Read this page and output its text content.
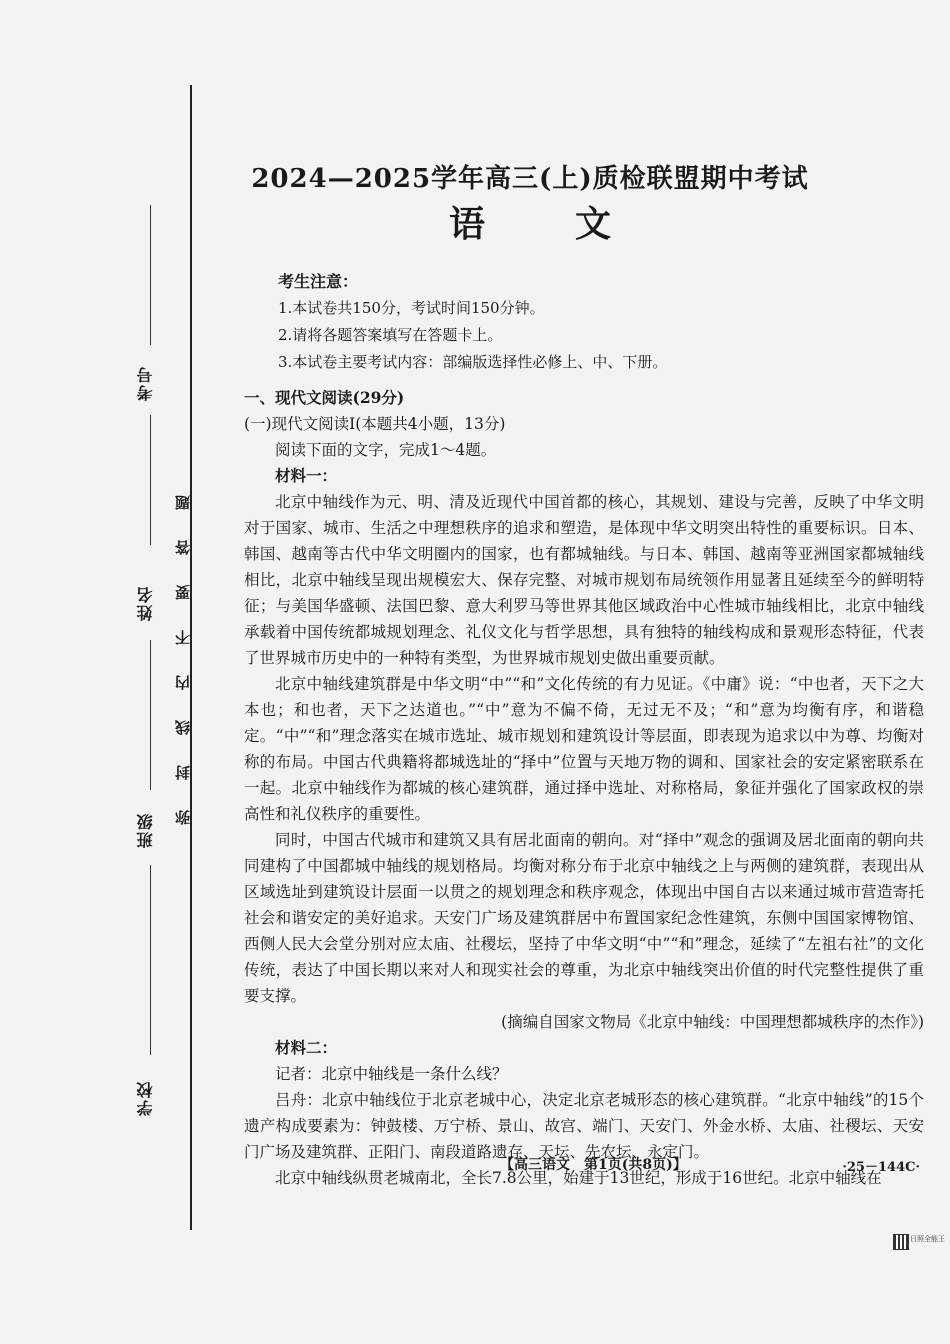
考号
姓名
班级
学校
弥封线内不要答题
2024—2025学年高三(上)质检联盟期中考试
语文
考生注意：
1.本试卷共150分，考试时间150分钟。
2.请将各题答案填写在答题卡上。
3.本试卷主要考试内容：部编版选择性必修上、中、下册。

一、现代文阅读(29分)

(一)现代文阅读Ⅰ(本题共4小题，13分)

阅读下面的文字，完成1～4题。

材料一：

北京中轴线作为元、明、清及近现代中国首都的核心，其规划、建设与完善，反映了中华文明对于国家、城市、生活之中理想秩序的追求和塑造，是体现中华文明突出特性的重要标识。日本、韩国、越南等古代中华文明圈内的国家，也有都城轴线。与日本、韩国、越南等亚洲国家都城轴线相比，北京中轴线呈现出规模宏大、保存完整、对城市规划布局统领作用显著且延续至今的鲜明特征；与美国华盛顿、法国巴黎、意大利罗马等世界其他区域政治中心性城市轴线相比，北京中轴线承载着中国传统都城规划理念、礼仪文化与哲学思想，具有独特的轴线构成和景观形态特征，代表了世界城市历史中的一种特有类型，为世界城市规划史做出重要贡献。

北京中轴线建筑群是中华文明“中”“和”文化传统的有力见证。《中庸》说：“中也者，天下之大本也；和也者，天下之达道也。”“中”意为不偏不倚，无过无不及；“和”意为均衡有序，和谐稳定。“中”“和”理念落实在城市选址、城市规划和建筑设计等层面，即表现为追求以中为尊、均衡对称的布局。中国古代典籍将都城选址的“择中”位置与天地万物的调和、国家社会的安定紧密联系在一起。北京中轴线作为都城的核心建筑群，通过择中选址、对称格局，象征并强化了国家政权的崇高性和礼仪秩序的重要性。

同时，中国古代城市和建筑又具有居北面南的朝向。对“择中”观念的强调及居北面南的朝向共同建构了中国都城中轴线的规划格局。均衡对称分布于北京中轴线之上与两侧的建筑群，表现出从区域选址到建筑设计层面一以贯之的规划理念和秩序观念，体现出中国自古以来通过城市营造寄托社会和谐安定的美好追求。天安门广场及建筑群居中布置国家纪念性建筑，东侧中国国家博物馆、西侧人民大会堂分别对应太庙、社稷坛，坚持了中华文明“中”“和”理念，延续了“左祖右社”的文化传统，表达了中国长期以来对人和现实社会的尊重，为北京中轴线突出价值的时代完整性提供了重要支撑。

(摘编自国家文物局《北京中轴线：中国理想都城秩序的杰作》)

材料二：

记者：北京中轴线是一条什么线？

吕舟：北京中轴线位于北京老城中心，决定北京老城形态的核心建筑群。“北京中轴线”的15个遗产构成要素为：钟鼓楼、万宁桥、景山、故宫、端门、天安门、外金水桥、太庙、社稷坛、天安门广场及建筑群、正阳门、南段道路遗存、天坛、先农坛、永定门。

北京中轴线纵贯老城南北，全长7.8公里，始建于13世纪，形成于16世纪。北京中轴线在

【高三语文　第1页(共8页)】	·25－144C·
日照全能王
